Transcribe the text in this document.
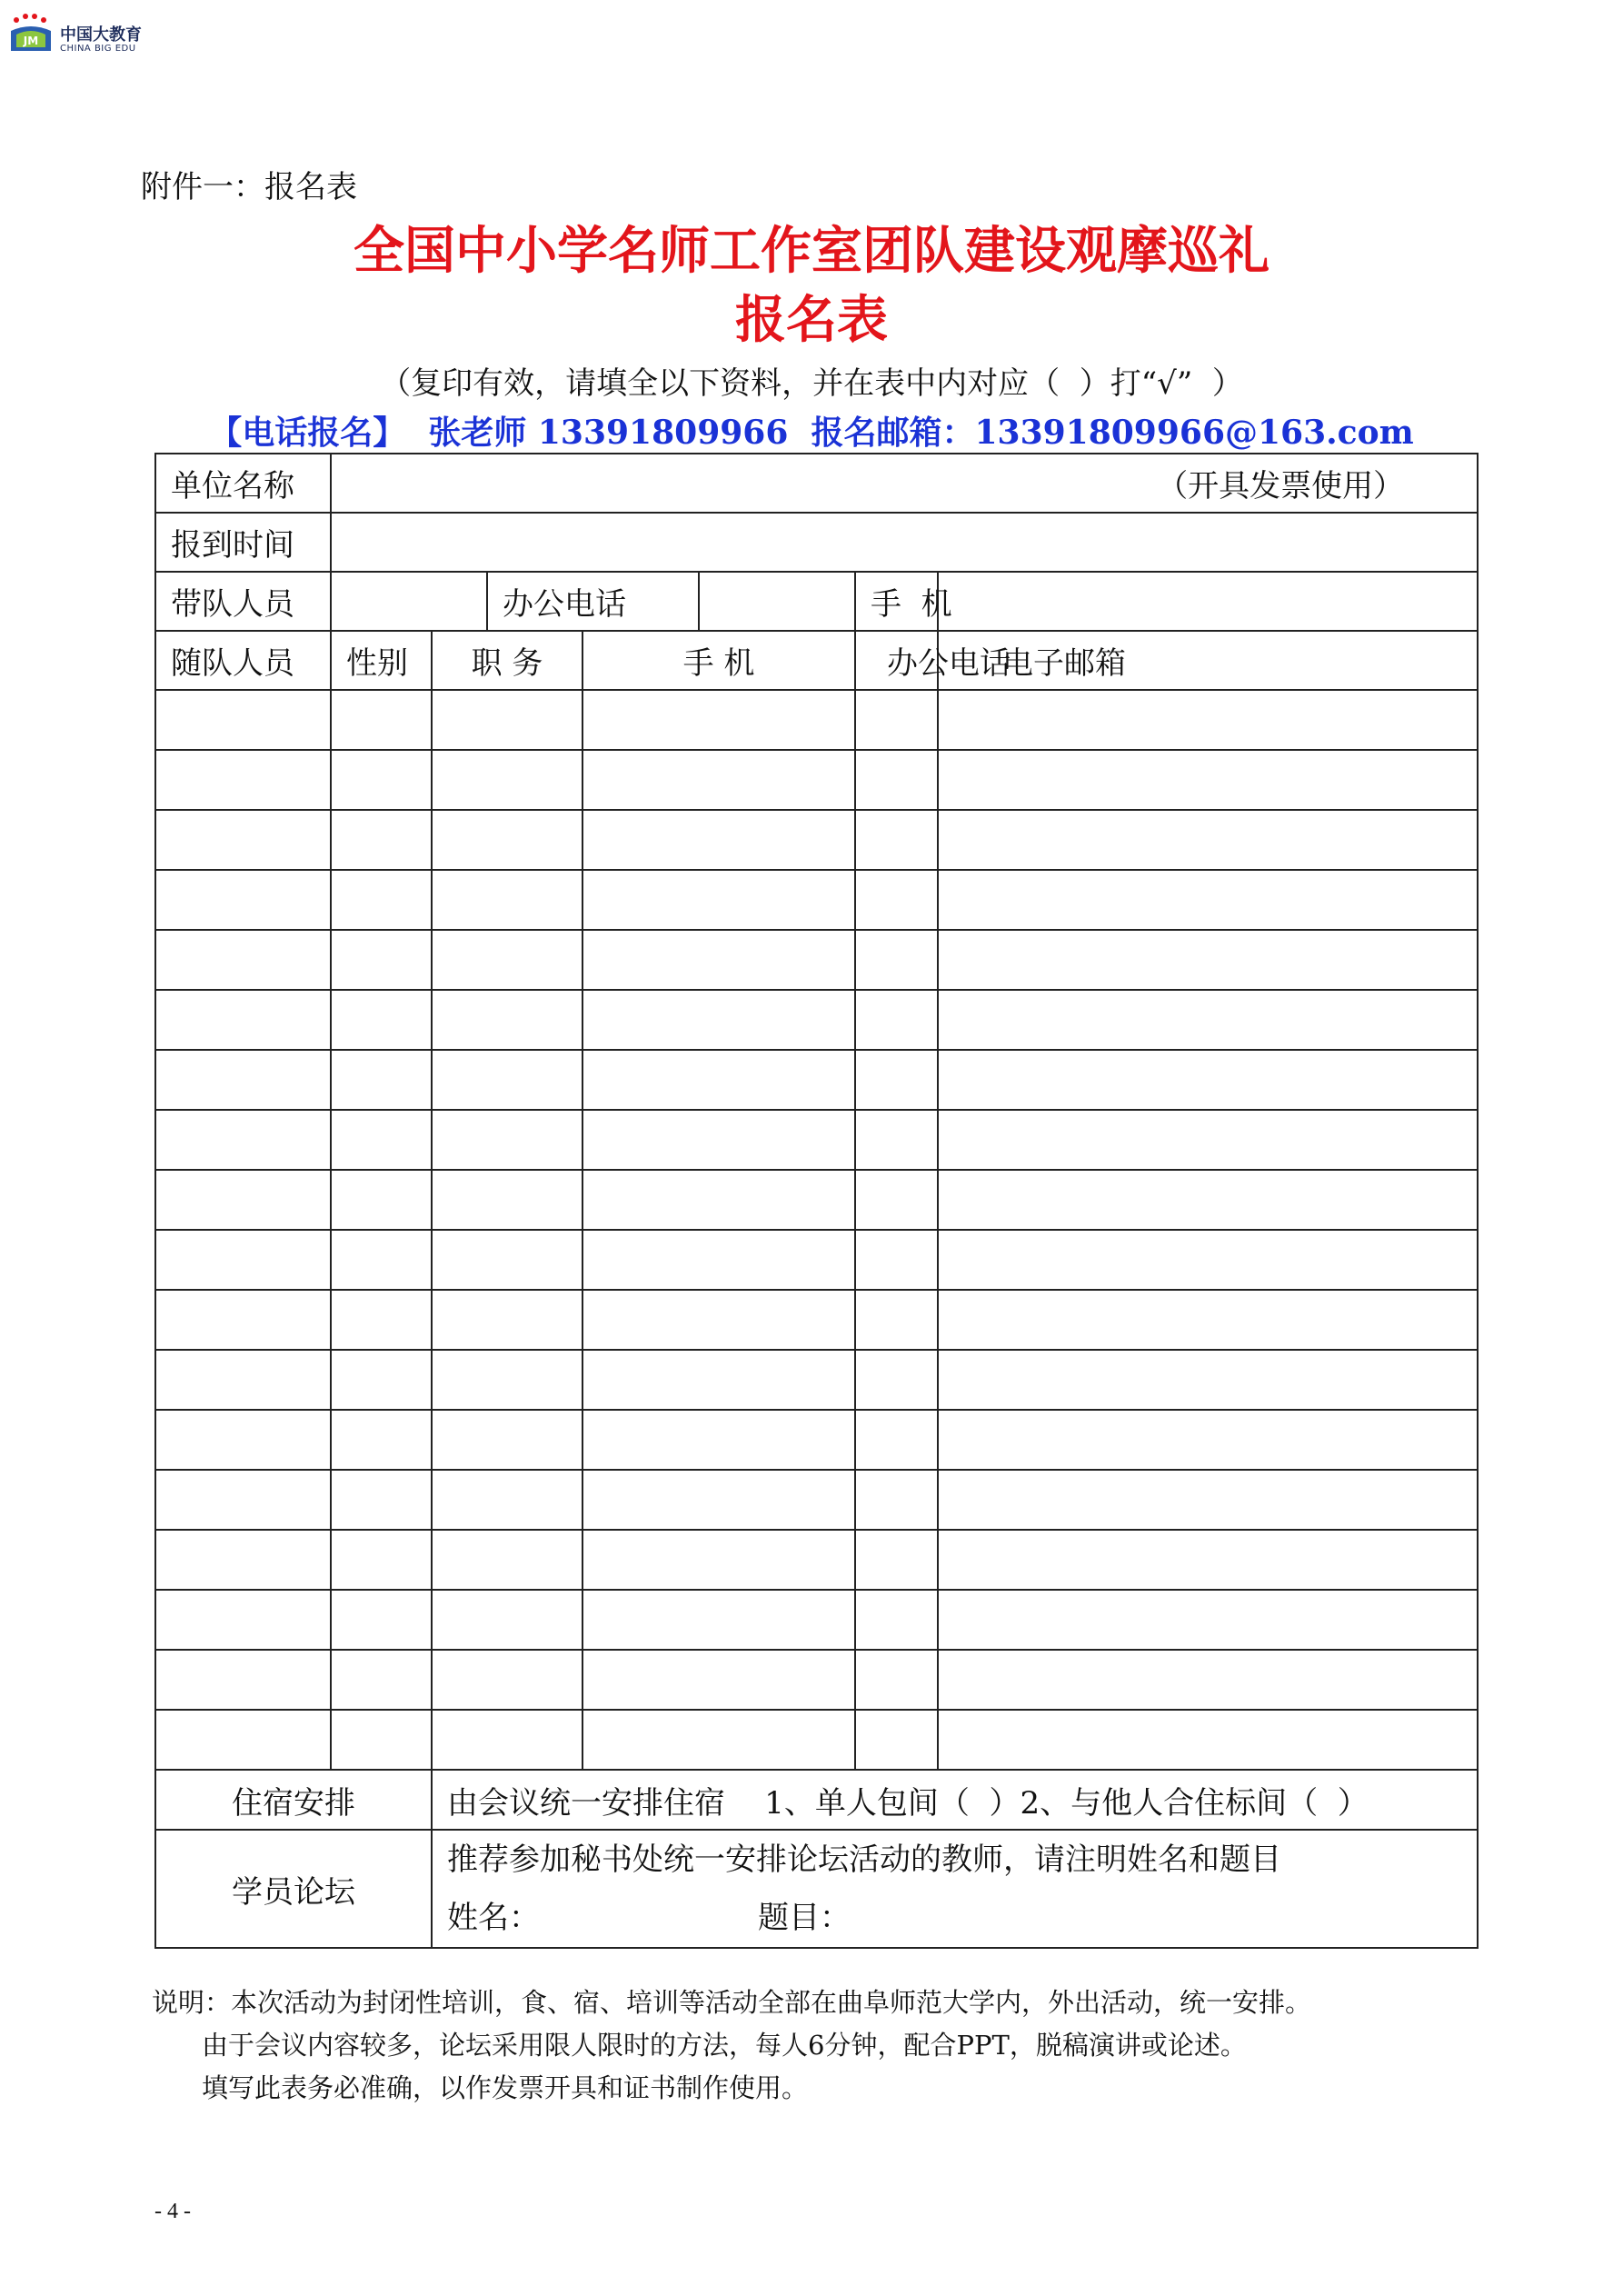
JM 中国大教育
CHINA BIG EDU
附件一：报名表
全国中小学名师工作室团队建设观摩巡礼
报名表
（复印有效，请填全以下资料，并在表中内对应（  ）打“√”  ）
【电话报名】  张老师 13391809966  报名邮箱：13391809966@163.com
单位名称	（开具发票使用）						
报到时间							
带队人员			办公电话			手  机	
随队人员	性别	职 务		手 机		办公电话	电子邮箱

住宿安排		由会议统一安排住宿    1、单人包间（  ）2、与他人合住标间（  ）					
学员论坛		推荐参加秘书处统一安排论坛活动的教师，请注明姓名和题目
姓名： 题目：					
说明：本次活动为封闭性培训，食、宿、培训等活动全部在曲阜师范大学内，外出活动，统一安排。
由于会议内容较多，论坛采用限人限时的方法，每人6分钟，配合PPT，脱稿演讲或论述。
填写此表务必准确，以作发票开具和证书制作使用。
- 4 -
